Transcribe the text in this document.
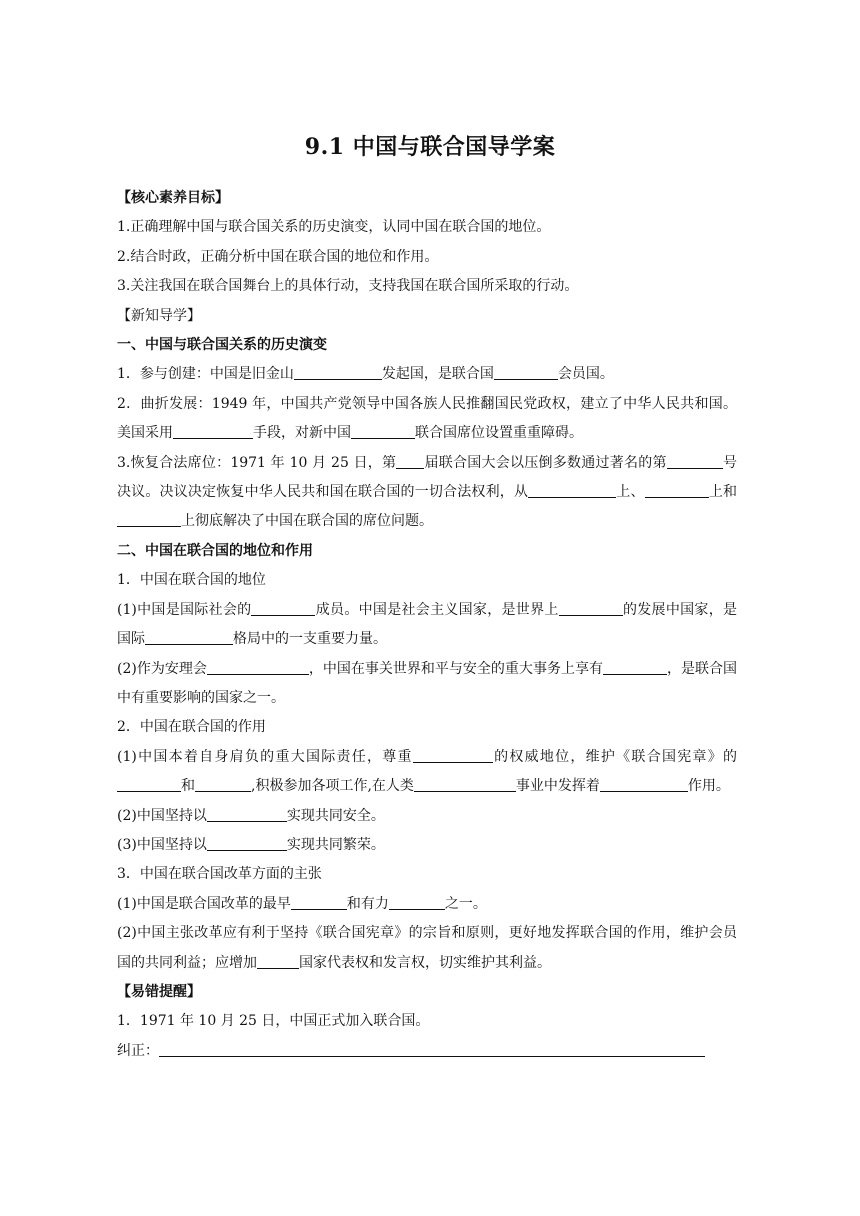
9.1 中国与联合国导学案

【核心素养目标】

1.正确理解中国与联合国关系的历史演变，认同中国在联合国的地位。

2.结合时政，正确分析中国在联合国的地位和作用。

3.关注我国在联合国舞台上的具体行动，支持我国在联合国所采取的行动。

【新知导学】

一、中国与联合国关系的历史演变

1．参与创建：中国是旧金山	发起国，是联合国	会员国。

2．曲折发展：1949 年，中国共产党领导中国各族人民推翻国民党政权，建立了中华人民共和国。美国采用	手段，对新中国	联合国席位设置重重障碍。

3.恢复合法席位：1971 年 10 月 25 日，第 届联合国大会以压倒多数通过著名的第	号决议。决议决定恢复中华人民共和国在联合国的一切合法权利，从	上、	上和上彻底解决了中国在联合国的席位问题。

二、中国在联合国的地位和作用

1．中国在联合国的地位

(1)中国是国际社会的	成员。中国是社会主义国家，是世界上	的发展中国家，是国际	格局中的一支重要力量。

(2)作为安理会	，中国在事关世界和平与安全的重大事务上享有	，是联合国中有重要影响的国家之一。

2．中国在联合国的作用

(1)中国本着自身肩负的重大国际责任，尊重	的权威地位，维护《联合国宪章》的和	,积极参加各项工作,在人类	事业中发挥着	作用。

(2)中国坚持以	实现共同安全。

(3)中国坚持以	实现共同繁荣。

3．中国在联合国改革方面的主张

(1)中国是联合国改革的最早	和有力	之一。

(2)中国主张改革应有利于坚持《联合国宪章》的宗旨和原则，更好地发挥联合国的作用，维护会员国的共同利益；应增加	国家代表权和发言权，切实维护其利益。

【易错提醒】

1．1971 年 10 月 25 日，中国正式加入联合国。

纠正：
